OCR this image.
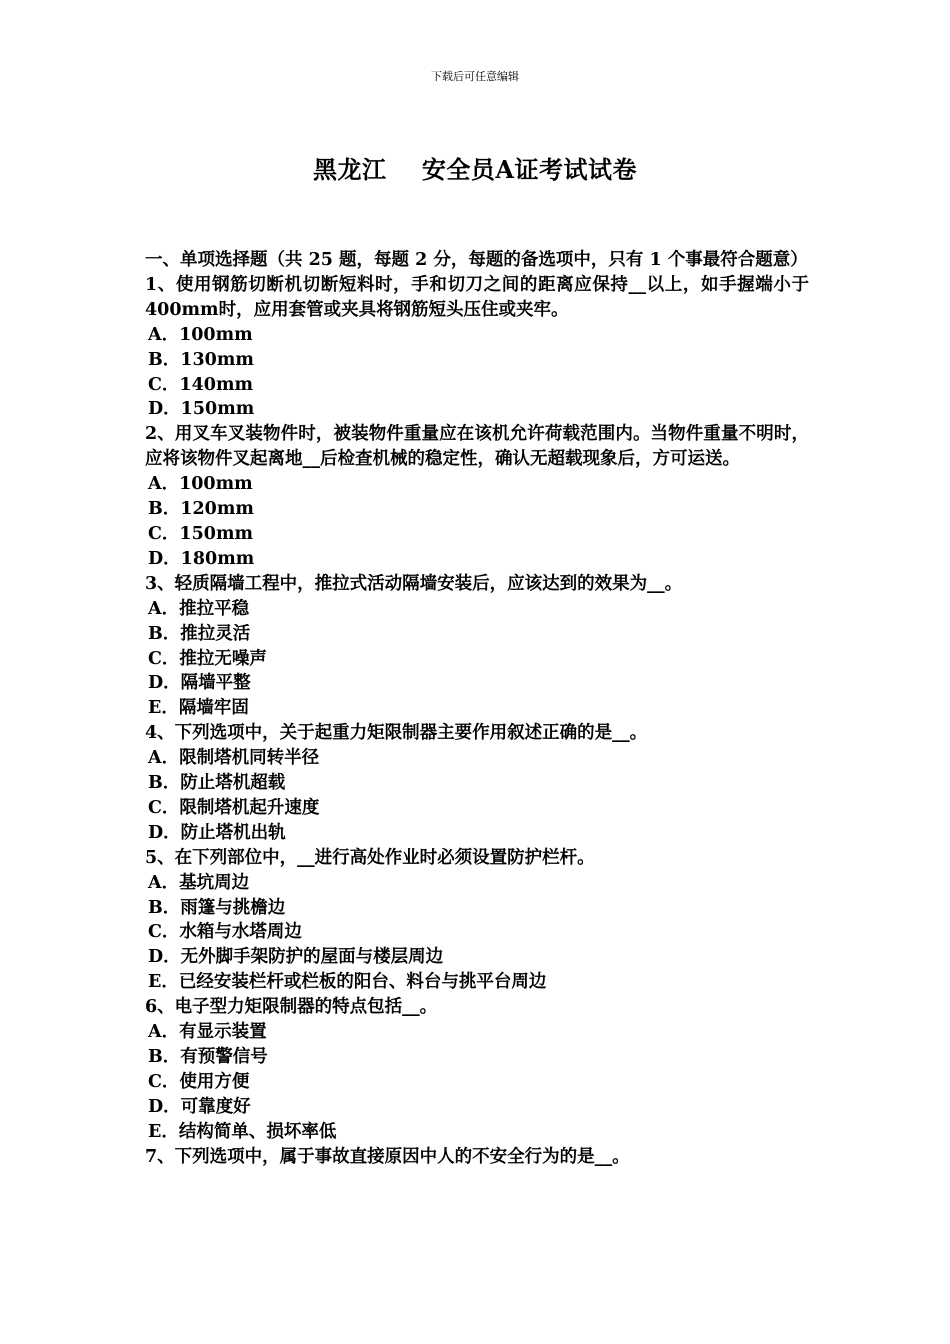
下载后可任意编辑
黑龙江    安全员A证考试试卷

一、单项选择题（共 25 题，每题 2 分，每题的备选项中，只有 1 个事最符合题意）

1、使用钢筋切断机切断短料时，手和切刀之间的距离应保持__以上，如手握端小于400mm时，应用套管或夹具将钢筋短头压住或夹牢。

A．100mm

B．130mm

C．140mm

D．150mm

2、用叉车叉装物件时，被装物件重量应在该机允许荷载范围内。当物件重量不明时，应将该物件叉起离地__后检查机械的稳定性，确认无超载现象后，方可运送。

A．100mm

B．120mm

C．150mm

D．180mm

3、轻质隔墙工程中，推拉式活动隔墙安装后，应该达到的效果为__。

A．推拉平稳

B．推拉灵活

C．推拉无噪声

D．隔墙平整

E．隔墙牢固

4、下列选项中，关于起重力矩限制器主要作用叙述正确的是__。

A．限制塔机同转半径

B．防止塔机超载

C．限制塔机起升速度

D．防止塔机出轨

5、在下列部位中，__进行高处作业时必须设置防护栏杆。

A．基坑周边

B．雨篷与挑檐边

C．水箱与水塔周边

D．无外脚手架防护的屋面与楼层周边

E．已经安装栏杆或栏板的阳台、料台与挑平台周边

6、电子型力矩限制器的特点包括__。

A．有显示装置

B．有预警信号

C．使用方便

D．可靠度好

E．结构简单、损坏率低

7、下列选项中，属于事故直接原因中人的不安全行为的是__。
